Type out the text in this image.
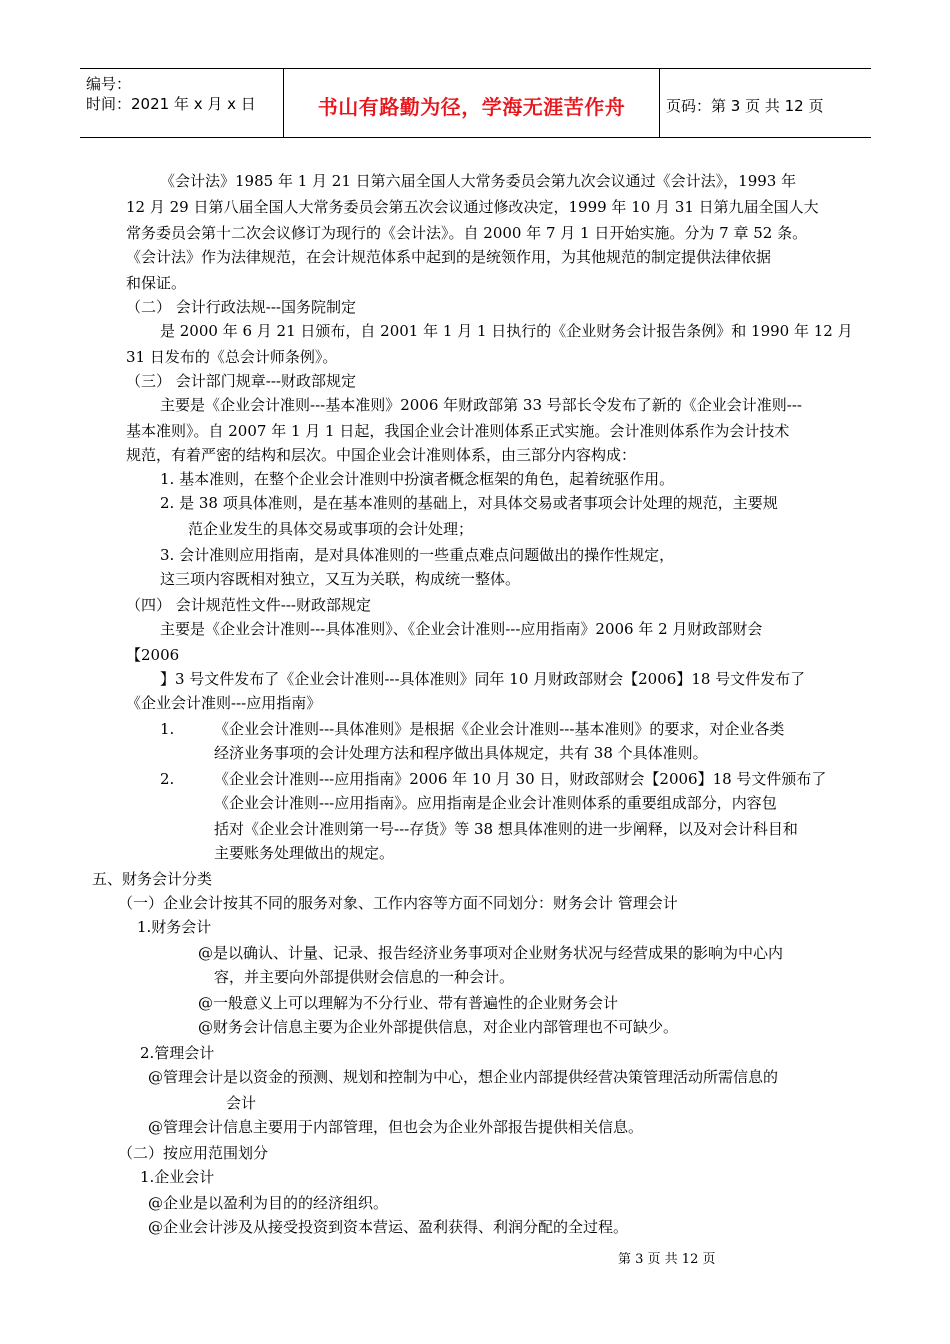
编号：
时间：2021 年 x 月 x 日	书山有路勤为径，学海无涯苦作舟	页码：第 3 页 共 12 页
《会计法》1985 年 1 月 21 日第六届全国人大常务委员会第九次会议通过《会计法》，1993 年
12 月 29 日第八届全国人大常务委员会第五次会议通过修改决定，1999 年 10 月 31 日第九届全国人大
常务委员会第十二次会议修订为现行的《会计法》。自 2000 年 7 月 1 日开始实施。分为 7 章 52 条。
《会计法》作为法律规范，在会计规范体系中起到的是统领作用，为其他规范的制定提供法律依据
和保证。
（二） 会计行政法规---国务院制定
是 2000 年 6 月 21 日颁布，自 2001 年 1 月 1 日执行的《企业财务会计报告条例》和 1990 年 12 月
31 日发布的《总会计师条例》。
（三） 会计部门规章---财政部规定
主要是《企业会计准则---基本准则》2006 年财政部第 33 号部长令发布了新的《企业会计准则---
基本准则》。自 2007 年 1 月 1 日起，我国企业会计准则体系正式实施。会计准则体系作为会计技术
规范，有着严密的结构和层次。中国企业会计准则体系，由三部分内容构成：
1. 基本准则，在整个企业会计准则中扮演者概念框架的角色，起着统驱作用。
2. 是 38 项具体准则，是在基本准则的基础上，对具体交易或者事项会计处理的规范，主要规
范企业发生的具体交易或事项的会计处理；
3. 会计准则应用指南，是对具体准则的一些重点难点问题做出的操作性规定，
这三项内容既相对独立，又互为关联，构成统一整体。
（四） 会计规范性文件---财政部规定
主要是《企业会计准则---具体准则》、《企业会计准则---应用指南》2006 年 2 月财政部财会
【2006
】3 号文件发布了《企业会计准则---具体准则》同年 10 月财政部财会【2006】18 号文件发布了
《企业会计准则---应用指南》
1.	《企业会计准则---具体准则》是根据《企业会计准则---基本准则》的要求，对企业各类
经济业务事项的会计处理方法和程序做出具体规定，共有 38 个具体准则。
2.	《企业会计准则---应用指南》2006 年 10 月 30 日，财政部财会【2006】18 号文件颁布了
《企业会计准则---应用指南》。应用指南是企业会计准则体系的重要组成部分，内容包
括对《企业会计准则第一号---存货》等 38 想具体准则的进一步阐释，以及对会计科目和
主要账务处理做出的规定。
五、财务会计分类
（一）企业会计按其不同的服务对象、工作内容等方面不同划分：财务会计 管理会计
1.财务会计
@是以确认、计量、记录、报告经济业务事项对企业财务状况与经营成果的影响为中心内
容，并主要向外部提供财会信息的一种会计。
@一般意义上可以理解为不分行业、带有普遍性的企业财务会计
@财务会计信息主要为企业外部提供信息，对企业内部管理也不可缺少。
2.管理会计
@管理会计是以资金的预测、规划和控制为中心，想企业内部提供经营决策管理活动所需信息的
会计
@管理会计信息主要用于内部管理，但也会为企业外部报告提供相关信息。
（二）按应用范围划分
1.企业会计
@企业是以盈利为目的的经济组织。
@企业会计涉及从接受投资到资本营运、盈利获得、利润分配的全过程。
第 3 页 共 12 页
